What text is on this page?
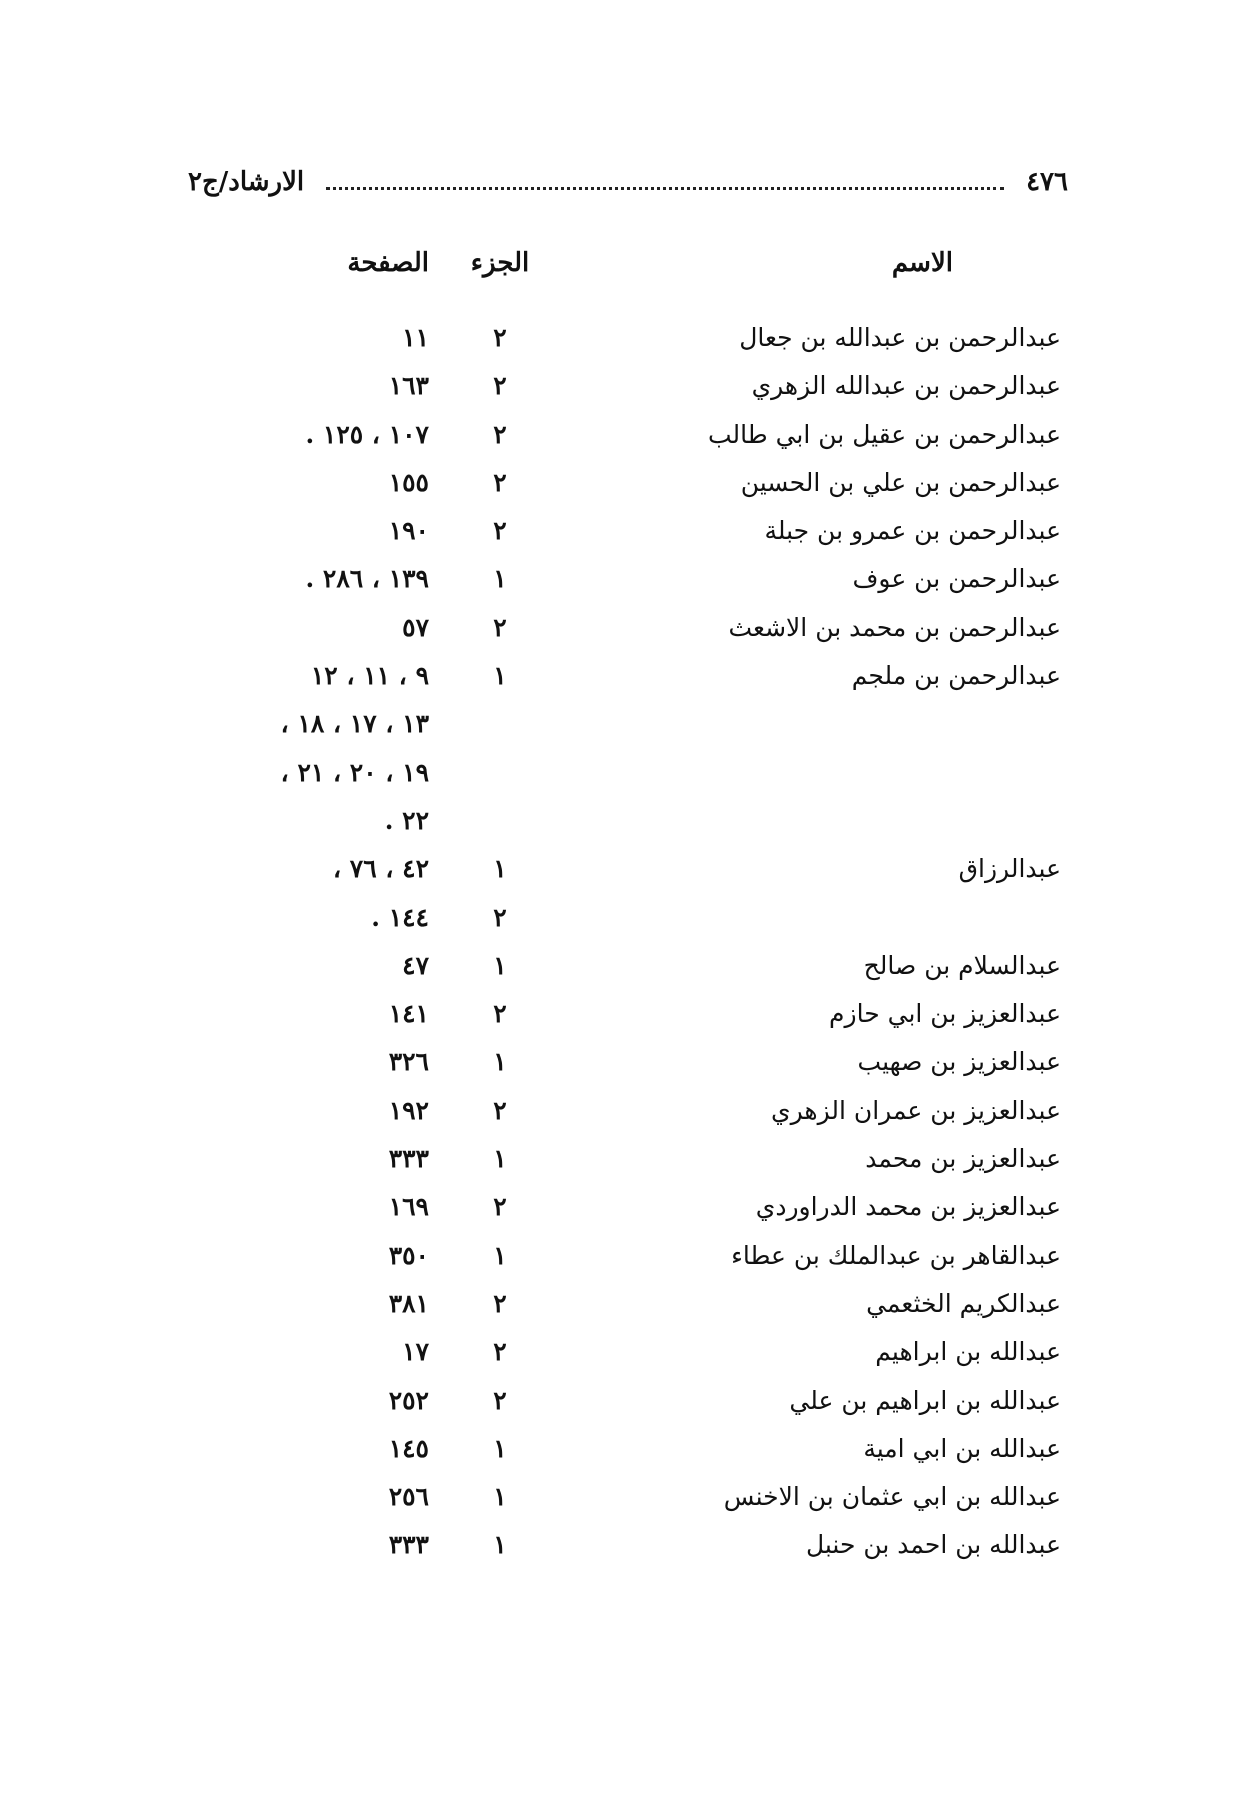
الارشاد/ج٢	٤٧٦
الاسم
الجزء
الصفحة
عبدالرحمن بن عبدالله بن جعال
٢
١١
عبدالرحمن بن عبدالله الزهري
٢
١٦٣
عبدالرحمن بن عقيل بن ابي طالب
٢
١٠٧ ، ١٢٥ .
عبدالرحمن بن علي بن الحسين
٢
١٥٥
عبدالرحمن بن عمرو بن جبلة
٢
١٩٠
عبدالرحمن بن عوف
١
١٣٩ ، ٢٨٦ .
عبدالرحمن بن محمد بن الاشعث
٢
٥٧
عبدالرحمن بن ملجم
١
٩ ، ١١ ، ١٢
١٣ ، ١٧ ، ١٨ ،
١٩ ، ٢٠ ، ٢١ ،
٢٢ .
عبدالرزاق
١
٤٢ ، ٧٦ ،
٢
١٤٤ .
عبدالسلام بن صالح
١
٤٧
عبدالعزيز بن ابي حازم
٢
١٤١
عبدالعزيز بن صهيب
١
٣٢٦
عبدالعزيز بن عمران الزهري
٢
١٩٢
عبدالعزيز بن محمد
١
٣٣٣
عبدالعزيز بن محمد الدراوردي
٢
١٦٩
عبدالقاهر بن عبدالملك بن عطاء
١
٣٥٠
عبدالكريم الخثعمي
٢
٣٨١
عبدالله بن ابراهيم
٢
١٧
عبدالله بن ابراهيم بن علي
٢
٢٥٢
عبدالله بن ابي امية
١
١٤٥
عبدالله بن ابي عثمان بن الاخنس
١
٢٥٦
عبدالله بن احمد بن حنبل
١
٣٣٣
